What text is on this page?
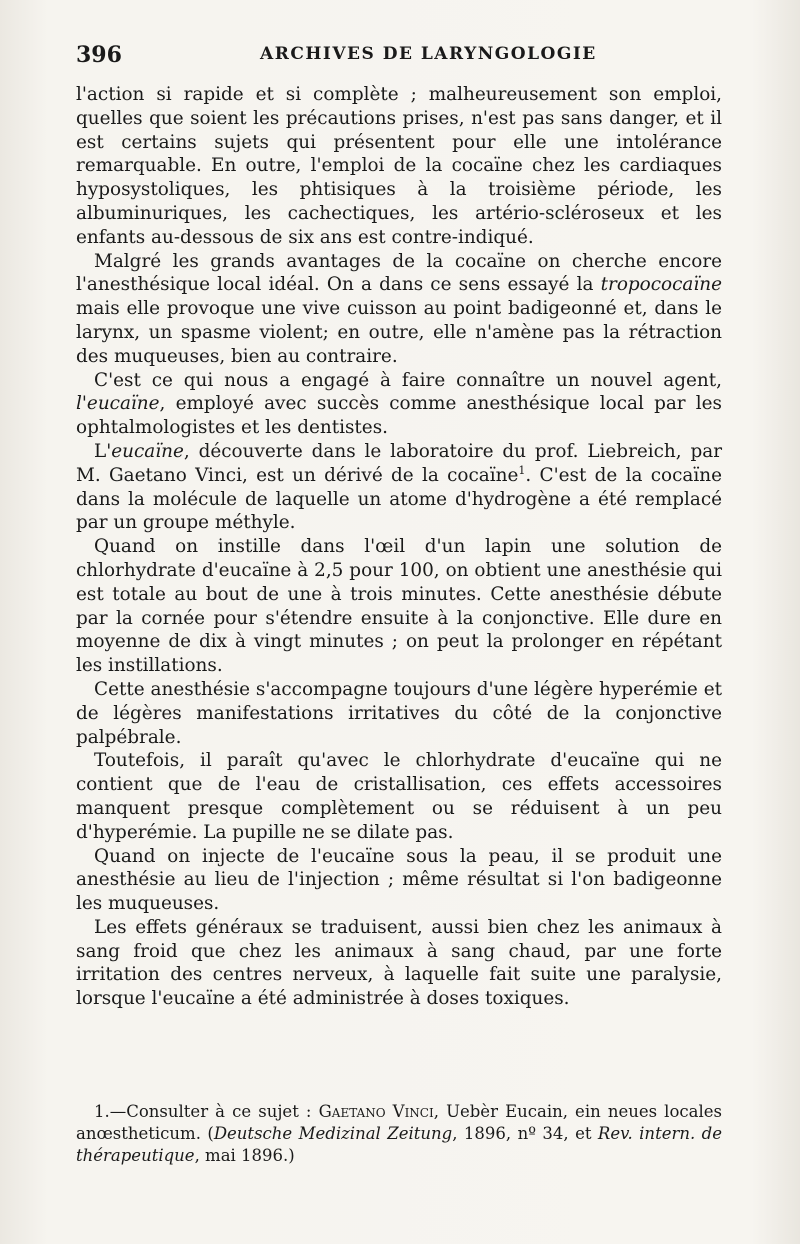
396	ARCHIVES DE LARYNGOLOGIE

l'action si rapide et si complète ; malheureusement son emploi, quelles que soient les précautions prises, n'est pas sans danger, et il est certains sujets qui présentent pour elle une intolérance remarquable. En outre, l'emploi de la cocaïne chez les cardiaques hyposystoliques, les phtisiques à la troisième période, les albuminuriques, les cachectiques, les artério-scléroseux et les enfants au-dessous de six ans est contre-indiqué.

Malgré les grands avantages de la cocaïne on cherche encore l'anesthésique local idéal. On a dans ce sens essayé la tropococaïne mais elle provoque une vive cuisson au point badigeonné et, dans le larynx, un spasme violent; en outre, elle n'amène pas la rétraction des muqueuses, bien au contraire.

C'est ce qui nous a engagé à faire connaître un nouvel agent, l'eucaïne, employé avec succès comme anesthésique local par les ophtalmologistes et les dentistes.

L'eucaïne, découverte dans le laboratoire du prof. Liebreich, par M. Gaetano Vinci, est un dérivé de la cocaïne$^1$. C'est de la cocaïne dans la molécule de laquelle un atome d'hydrogène a été remplacé par un groupe méthyle.

Quand on instille dans l'œil d'un lapin une solution de chlorhydrate d'eucaïne à 2,5 pour 100, on obtient une anesthésie qui est totale au bout de une à trois minutes. Cette anesthésie débute par la cornée pour s'étendre ensuite à la conjonctive. Elle dure en moyenne de dix à vingt minutes ; on peut la prolonger en répétant les instillations.

Cette anesthésie s'accompagne toujours d'une légère hyperémie et de légères manifestations irritatives du côté de la conjonctive palpébrale.

Toutefois, il paraît qu'avec le chlorhydrate d'eucaïne qui ne contient que de l'eau de cristallisation, ces effets accessoires manquent presque complètement ou se réduisent à un peu d'hyperémie. La pupille ne se dilate pas.

Quand on injecte de l'eucaïne sous la peau, il se produit une anesthésie au lieu de l'injection ; même résultat si l'on badigeonne les muqueuses.

Les effets généraux se traduisent, aussi bien chez les animaux à sang froid que chez les animaux à sang chaud, par une forte irritation des centres nerveux, à laquelle fait suite une paralysie, lorsque l'eucaïne a été administrée à doses toxiques.

1.—Consulter à ce sujet : Gaetano Vinci, Uebèr Eucain, ein neues locales anœstheticum. (Deutsche Medizinal Zeitung, 1896, nº 34, et Rev. intern. de thérapeutique, mai 1896.)
